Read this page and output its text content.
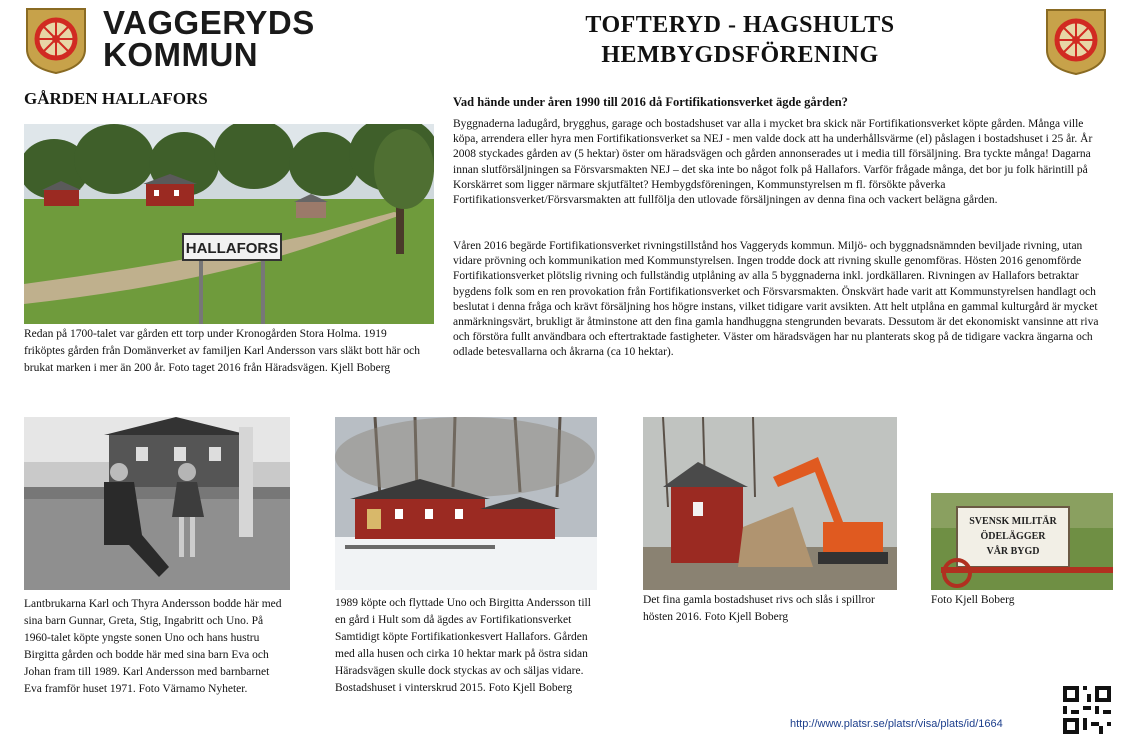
VAGGERYDS
KOMMUN
TOFTERYD - HAGSHULTS
HEMBYGDSFÖRENING
GÅRDEN HALLAFORS
HALLAFORS
Redan på 1700-talet var gården ett torp under Kronogården Stora Holma. 1919 friköptes gården från Domänverket av familjen Karl Andersson vars släkt bott här och brukat marken i mer än 200 år. Foto taget 2016 från Häradsvägen. Kjell Boberg
Vad hände under åren 1990 till 2016 då Fortifikationsverket ägde gården?
Byggnaderna ladugård, brygghus, garage och bostadshuset var alla i mycket bra skick när Fortifikationsverket köpte gården. Många ville köpa, arrendera eller hyra men Fortifikationsverket sa NEJ - men valde dock att ha underhållsvärme (el) påslagen i bostadshuset i 25 år. År 2008 styckades gården av (5 hektar) öster om häradsvägen och gården annonserades ut i media till försäljning. Bra tyckte många! Dagarna innan slutförsäljningen sa Försvarsmakten NEJ – det ska inte bo något folk på Hallafors. Varför frågade många, det bor ju folk härintill på Korskärret som ligger närmare skjutfältet? Hembygdsföreningen, Kommunstyrelsen m fl. försökte påverka Fortifikationsverket/Försvarsmakten att fullfölja den utlovade försäljningen av denna fina och vackert belägna gården.
Våren 2016 begärde Fortifikationsverket rivningstillstånd hos Vaggeryds kommun. Miljö- och byggnadsnämnden beviljade rivning, utan vidare prövning och kommunikation med Kommunstyrelsen. Ingen trodde dock att rivning skulle genomföras. Hösten 2016 genomförde Fortifikationsverket plötslig rivning och fullständig utplåning av alla 5 byggnaderna inkl. jordkällaren. Rivningen av Hallafors betraktar bygdens folk som en ren provokation från Fortifikationsverket och Försvarsmakten. Önskvärt hade varit att Kommunstyrelsen handlagt och beslutat i denna fråga och krävt försäljning hos högre instans, vilket tidigare varit avsikten. Att helt utplåna en gammal kulturgård är mycket anmärkningsvärt, brukligt är åtminstone att den fina gamla handhuggna stengrunden bevarats. Dessutom är det ekonomiskt vansinne att riva och förstöra fullt användbara och eftertraktade fastigheter. Väster om häradsvägen har nu planterats skog på de tidigare vackra ängarna och odlade betesvallarna och åkrarna (ca 10 hektar).
Lantbrukarna Karl och Thyra Andersson bodde här med sina barn Gunnar, Greta, Stig, Ingabritt och Uno. På 1960-talet köpte yngste sonen Uno och hans hustru Birgitta gården och bodde här med sina barn Eva och Johan fram till 1989. Karl Andersson med barnbarnet Eva framför huset 1971. Foto Värnamo Nyheter.
1989 köpte och flyttade Uno och Birgitta Andersson till en gård i Hult som då ägdes av Fortifikationsverket Samtidigt köpte Fortifikationkesvert Hallafors. Gården med alla husen och cirka 10 hektar mark på östra sidan Häradsvägen skulle dock styckas av och säljas vidare. Bostadshuset i vinterskrud 2015. Foto Kjell Boberg
Det fina gamla bostadshuset rivs och slås i spillror hösten 2016. Foto Kjell Boberg
SVENSK MILITÄR
ÖDELÄGGER
VÅR BYGD
Foto Kjell Boberg
http://www.platsr.se/platsr/visa/plats/id/1664
